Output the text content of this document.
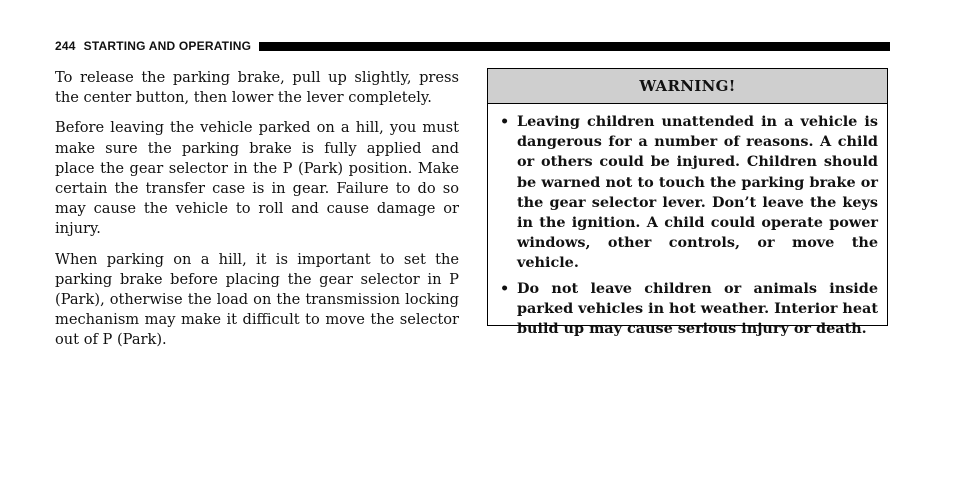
244 STARTING AND OPERATING

To release the parking brake, pull up slightly, press the center button, then lower the lever completely.

Before leaving the vehicle parked on a hill, you must make sure the parking brake is fully applied and place the gear selector in the P (Park) position. Make certain the transfer case is in gear. Failure to do so may cause the vehicle to roll and cause damage or injury.

When parking on a hill, it is important to set the parking brake before placing the gear selector in P (Park), otherwise the load on the transmission locking mechanism may make it difficult to move the selector out of P (Park).

WARNING!
• Leaving children unattended in a vehicle is dangerous for a number of reasons. A child or others could be injured. Children should be warned not to touch the parking brake or the gear selector lever. Don’t leave the keys in the ignition. A child could operate power windows, other controls, or move the vehicle.
• Do not leave children or animals inside parked vehicles in hot weather. Interior heat build up may cause serious injury or death.
